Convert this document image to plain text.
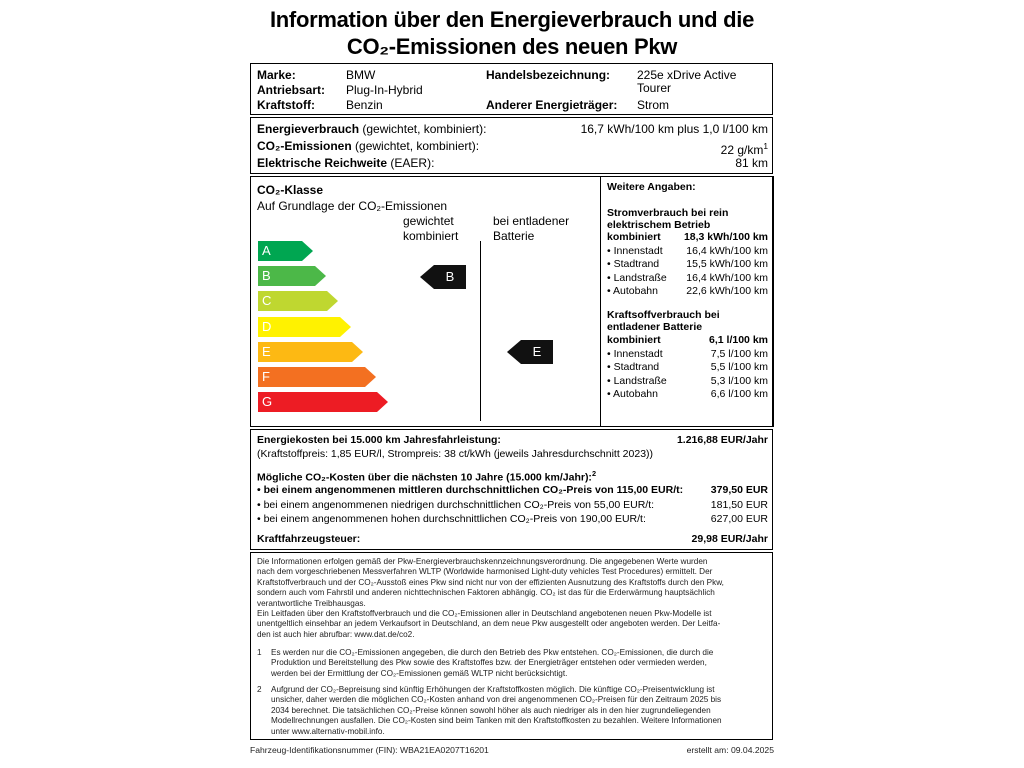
Information über den Energieverbrauch und die
CO₂-Emissionen des neuen Pkw
Marke:	BMW
Antriebsart: Plug-In-Hybrid
Kraftstoff:	Benzin
Handelsbezeichnung: 225e xDrive Active
Tourer
Anderer Energieträger: Strom
Energieverbrauch (gewichtet, kombiniert):	16,7 kWh/100 km plus 1,0 l/100 km
CO₂-Emissionen (gewichtet, kombiniert):	22 $g/km^1$
Elektrische Reichweite (EAER):	81 km
CO₂-Klasse
Auf Grundlage der CO₂-Emissionen
gewichtet
kombiniert
bei entladener
Batterie
A
B
C
D
E
F
G
B
E
Weitere Angaben:
Stromverbrauch bei rein
elektrischem Betrieb
kombiniert 18,3 kWh/100 km
• Innenstadt 16,4 kWh/100 km
• Stadtrand	15,5 kWh/100 km
• Landstraße 16,4 kWh/100 km
• Autobahn	22,6 kWh/100 km
Kraftsoffverbrauch bei
entladener Batterie
kombiniert	6,1 l/100 km
• Innenstadt	7,5 l/100 km
• Stadtrand	5,5 l/100 km
• Landstraße	5,3 l/100 km
• Autobahn	6,6 l/100 km
Energiekosten bei 15.000 km Jahresfahrleistung:	1.216,88 EUR/Jahr
(Kraftstoffpreis: 1,85 EUR/l, Strompreis: 38 ct/kWh (jeweils Jahresdurchschnitt 2023))
Mögliche CO₂-Kosten über die nächsten 10 Jahre (15.000 km/Jahr):$^2$
• bei einem angenommenen mittleren durchschnittlichen CO₂-Preis von 115,00 EUR/t:	379,50 EUR
• bei einem angenommenen niedrigen durchschnittlichen CO₂-Preis von 55,00 EUR/t:	181,50 EUR
• bei einem angenommenen hohen durchschnittlichen CO₂-Preis von 190,00 EUR/t:	627,00 EUR
Kraftfahrzeugsteuer:	29,98 EUR/Jahr
Die Informationen erfolgen gemäß der Pkw-Energieverbrauchskennzeichnungsverordnung. Die angegebenen Werte wurden
nach dem vorgeschriebenen Messverfahren WLTP (Worldwide harmonised Light-duty vehicles Test Procedures) ermittelt. Der
Kraftstoffverbrauch und der CO₂-Ausstoß eines Pkw sind nicht nur von der effizienten Ausnutzung des Kraftstoffs durch den Pkw,
sondern auch vom Fahrstil und anderen nichttechnischen Faktoren abhängig. CO₂ ist das für die Erderwärmung hauptsächlich
verantwortliche Treibhausgas.
Ein Leitfaden über den Kraftstoffverbrauch und die CO₂-Emissionen aller in Deutschland angebotenen neuen Pkw-Modelle ist
unentgeltlich einsehbar an jedem Verkaufsort in Deutschland, an dem neue Pkw ausgestellt oder angeboten werden. Der Leitfa-
den ist auch hier abrufbar: www.dat.de/co2.
1 Es werden nur die CO₂-Emissionen angegeben, die durch den Betrieb des Pkw entstehen. CO₂-Emissionen, die durch die
Produktion und Bereitstellung des Pkw sowie des Kraftstoffes bzw. der Energieträger entstehen oder vermieden werden,
werden bei der Ermittlung der CO₂-Emissionen gemäß WLTP nicht berücksichtigt.
2 Aufgrund der CO₂-Bepreisung sind künftig Erhöhungen der Kraftstoffkosten möglich. Die künftige CO₂-Preisentwicklung ist
unsicher, daher werden die möglichen CO₂-Kosten anhand von drei angenommenen CO₂-Preisen für den Zeitraum 2025 bis
2034 berechnet. Die tatsächlichen CO₂-Preise können sowohl höher als auch niedriger als in den hier zugrundeliegenden
Modellrechnungen ausfallen. Die CO₂-Kosten sind beim Tanken mit den Kraftstoffkosten zu bezahlen. Weitere Informationen
unter www.alternativ-mobil.info.
Fahrzeug-Identifikationsnummer (FIN): WBA21EA0207T16201	erstellt am: 09.04.2025
